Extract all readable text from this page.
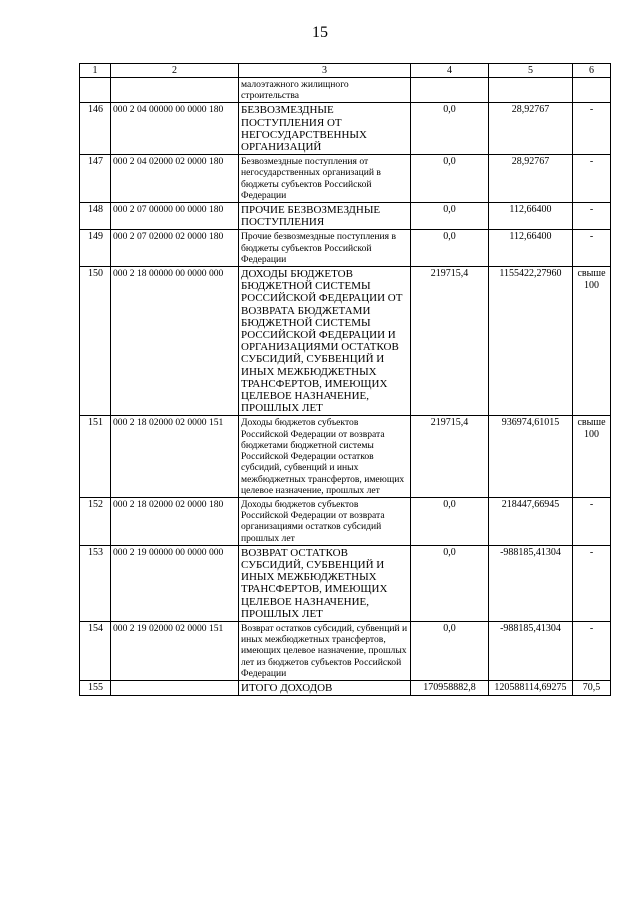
15
1	2	3	4	5	6
		малоэтажного жилищного строительства			
146	000 2 04 00000 00 0000 180	БЕЗВОЗМЕЗДНЫЕ ПОСТУПЛЕНИЯ ОТ НЕГОСУДАРСТВЕННЫХ ОРГАНИЗАЦИЙ	0,0	28,92767	-
147	000 2 04 02000 02 0000 180	Безвозмездные поступления от негосударственных организаций в бюджеты субъектов Российской Федерации	0,0	28,92767	-
148	000 2 07 00000 00 0000 180	ПРОЧИЕ БЕЗВОЗМЕЗДНЫЕ ПОСТУПЛЕНИЯ	0,0	112,66400	-
149	000 2 07 02000 02 0000 180	Прочие безвозмездные поступления в бюджеты субъектов Российской Федерации	0,0	112,66400	-
150	000 2 18 00000 00 0000 000	ДОХОДЫ БЮДЖЕТОВ БЮДЖЕТНОЙ СИСТЕМЫ РОССИЙСКОЙ ФЕДЕРАЦИИ ОТ ВОЗВРАТА БЮДЖЕТАМИ БЮДЖЕТНОЙ СИСТЕМЫ РОССИЙСКОЙ ФЕДЕРАЦИИ И ОРГАНИЗАЦИЯМИ ОСТАТКОВ СУБСИДИЙ, СУБВЕНЦИЙ И ИНЫХ МЕЖБЮДЖЕТНЫХ ТРАНСФЕРТОВ, ИМЕЮЩИХ ЦЕЛЕВОЕ НАЗНАЧЕНИЕ, ПРОШЛЫХ ЛЕТ	219715,4	1155422,27960	свыше 100
151	000 2 18 02000 02 0000 151	Доходы бюджетов субъектов Российской Федерации от возврата бюджетами бюджетной системы Российской Федерации остатков субсидий, субвенций и иных межбюджетных трансфертов, имеющих целевое назначение, прошлых лет	219715,4	936974,61015	свыше 100
152	000 2 18 02000 02 0000 180	Доходы бюджетов субъектов Российской Федерации от возврата организациями остатков субсидий прошлых лет	0,0	218447,66945	-
153	000 2 19 00000 00 0000 000	ВОЗВРАТ ОСТАТКОВ СУБСИДИЙ, СУБВЕНЦИЙ И ИНЫХ МЕЖБЮДЖЕТНЫХ ТРАНСФЕРТОВ, ИМЕЮЩИХ ЦЕЛЕВОЕ НАЗНАЧЕНИЕ, ПРОШЛЫХ ЛЕТ	0,0	-988185,41304	-
154	000 2 19 02000 02 0000 151	Возврат остатков субсидий, субвенций и иных межбюджетных трансфертов, имеющих целевое назначение, прошлых лет из бюджетов субъектов Российской Федерации	0,0	-988185,41304	-
155		ИТОГО ДОХОДОВ	170958882,8	120588114,69275	70,5
